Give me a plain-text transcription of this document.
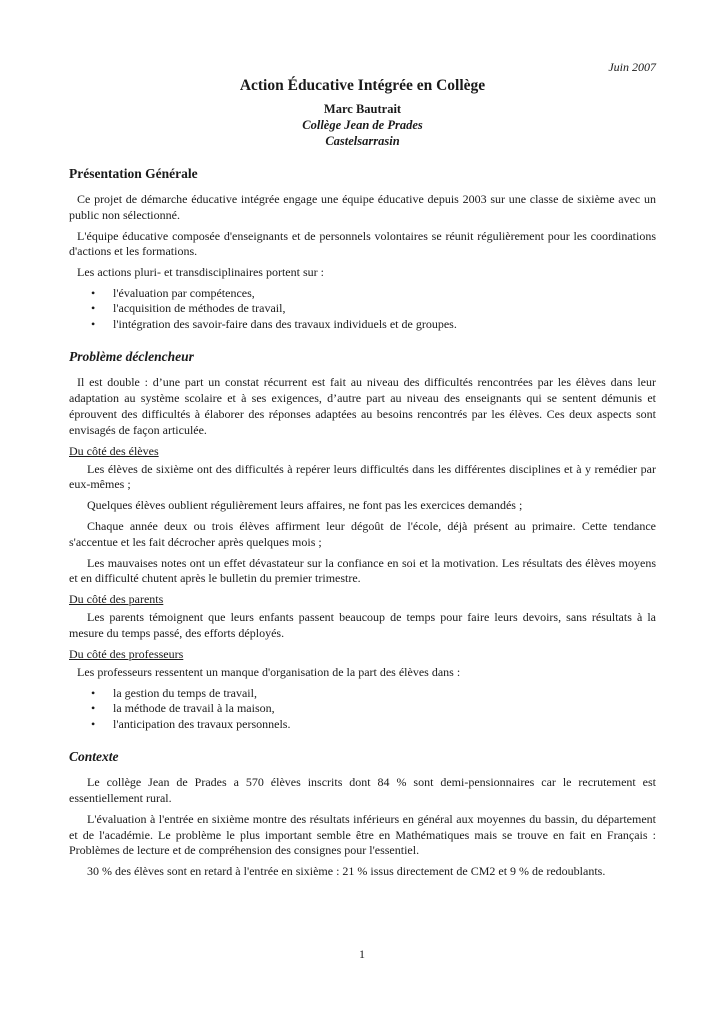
Juin 2007
Action Éducative Intégrée en Collège
Marc Bautrait
Collège Jean de Prades
Castelsarrasin
Présentation Générale

Ce projet de démarche éducative intégrée engage une équipe éducative depuis 2003 sur une classe de sixième avec un public non sélectionné.

L'équipe éducative composée d'enseignants et de personnels volontaires se réunit régulièrement pour les coordinations d'actions et les formations.

Les actions pluri- et transdisciplinaires portent sur :

• l'évaluation par compétences,
• l'acquisition de méthodes de travail,
• l'intégration des savoir-faire dans des travaux individuels et de groupes.
Problème déclencheur

Il est double : d’une part un constat récurrent est fait au niveau des difficultés rencontrées par les élèves dans leur adaptation au système scolaire et à ses exigences, d’autre part au niveau des enseignants qui se sentent démunis et éprouvent des difficultés à élaborer des réponses adaptées au besoins rencontrés par les élèves. Ces deux aspects sont envisagés de façon articulée.

Du côté des élèves

Les élèves de sixième ont des difficultés à repérer leurs difficultés dans les différentes disciplines et à y remédier par eux-mêmes ;

Quelques élèves oublient régulièrement leurs affaires, ne font pas les exercices demandés ;

Chaque année deux ou trois élèves affirment leur dégoût de l'école, déjà présent au primaire. Cette tendance s'accentue et les fait décrocher après quelques mois ;

Les mauvaises notes ont un effet dévastateur sur la confiance en soi et la motivation. Les résultats des élèves moyens et en difficulté chutent après le bulletin du premier trimestre.

Du côté des parents

Les parents témoignent que leurs enfants passent beaucoup de temps pour faire leurs devoirs, sans résultats à la mesure du temps passé, des efforts déployés.

Du côté des professeurs

Les professeurs ressentent un manque d'organisation de la part des élèves dans :

• la gestion du temps de travail,
• la méthode de travail à la maison,
• l'anticipation des travaux personnels.
Contexte

Le collège Jean de Prades a 570 élèves inscrits dont 84 % sont demi-pensionnaires car le recrutement est essentiellement rural.

L'évaluation à l'entrée en sixième montre des résultats inférieurs en général aux moyennes du bassin, du département et de l'académie. Le problème le plus important semble être en Mathématiques mais se trouve en fait en Français : Problèmes de lecture et de compréhension des consignes pour l'essentiel.

30 % des élèves sont en retard à l'entrée en sixième : 21 % issus directement de CM2 et 9 % de redoublants.

1
